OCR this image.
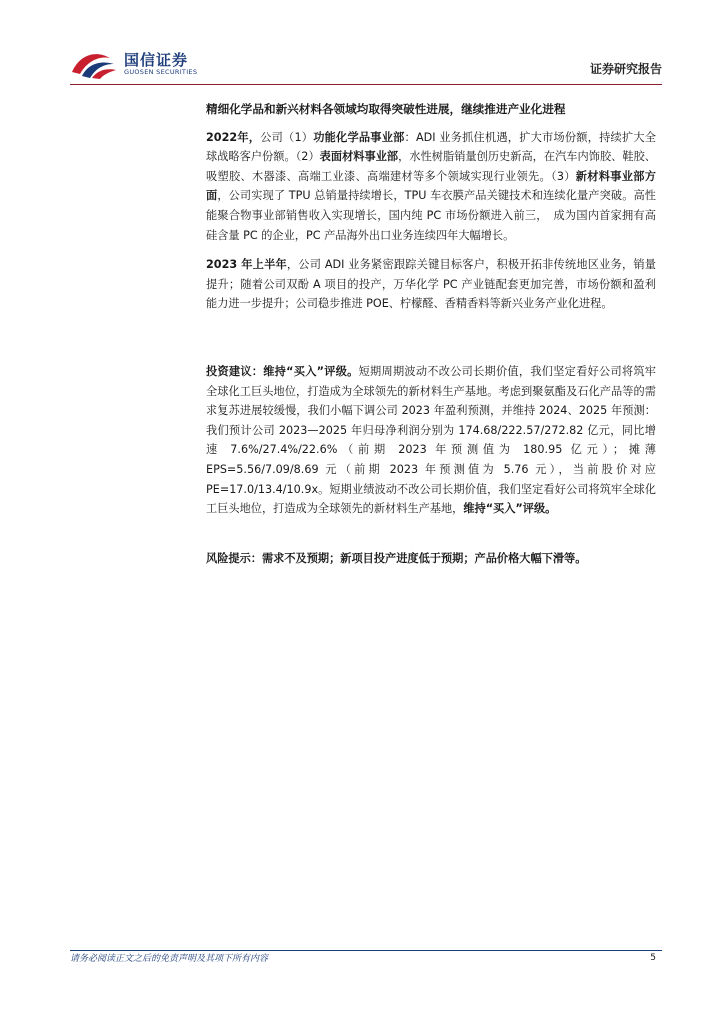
国信证券
GUOSEN SECURITIES	证券研究报告

精细化学品和新兴材料各领域均取得突破性进展，继续推进产业化进程

2022年，公司（1）功能化学品事业部：ADI 业务抓住机遇，扩大市场份额，持续扩大全球战略客户份额。（2）表面材料事业部，水性树脂销量创历史新高，在汽车内饰胶、鞋胶、吸塑胶、木器漆、高端工业漆、高端建材等多个领域实现行业领先。（3）新材料事业部方面，公司实现了 TPU 总销量持续增长，TPU 车衣膜产品关键技术和连续化量产突破。高性能聚合物事业部销售收入实现增长，国内纯 PC 市场份额进入前三，　成为国内首家拥有高硅含量 PC 的企业，PC 产品海外出口业务连续四年大幅增长。

2023 年上半年，公司 ADI 业务紧密跟踪关键目标客户，积极开拓非传统地区业务，销量提升；随着公司双酚 A 项目的投产，万华化学 PC 产业链配套更加完善，市场份额和盈利能力进一步提升；公司稳步推进 POE、柠檬醛、香精香料等新兴业务产业化进程。

投资建议：维持“买入”评级。短期周期波动不改公司长期价值，我们坚定看好公司将筑牢全球化工巨头地位，打造成为全球领先的新材料生产基地。考虑到聚氨酯及石化产品等的需求复苏进展较缓慢，我们小幅下调公司 2023 年盈利预测，并维持 2024、2025 年预测：我们预计公司 2023—2025 年归母净利润分别为 174.68/222.57/272.82 亿元，同比增速 7.6%/27.4%/22.6%（前期 2023 年预测值为 180.95 亿元）；摊薄 EPS=5.56/7.09/8.69 元（前期 2023 年预测值为 5.76 元），当前股价对应 PE=17.0/13.4/10.9x。短期业绩波动不改公司长期价值，我们坚定看好公司将筑牢全球化工巨头地位，打造成为全球领先的新材料生产基地，维持“买入”评级。

风险提示：需求不及预期；新项目投产进度低于预期；产品价格大幅下滑等。

请务必阅读正文之后的免责声明及其项下所有内容	5
